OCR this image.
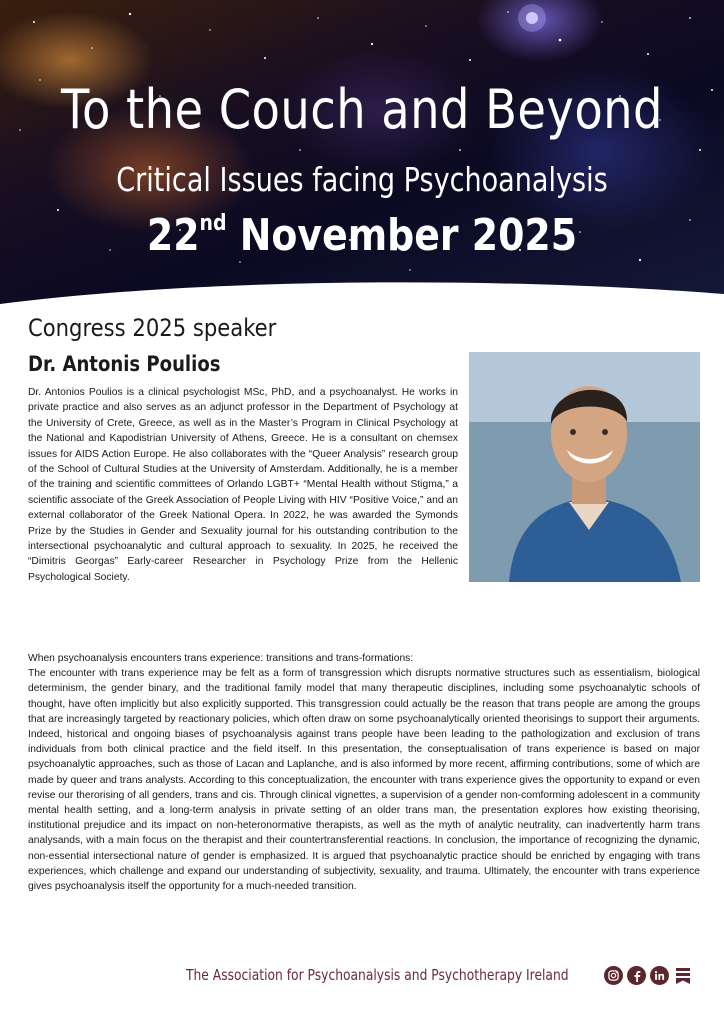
To the Couch and Beyond
Critical Issues facing Psychoanalysis
22nd November 2025
Congress 2025 speaker
Dr. Antonis Poulios

Dr. Antonios Poulios is a clinical psychologist MSc, PhD, and a psychoanalyst. He works in private practice and also serves as an adjunct professor in the Department of Psychology at the University of Crete, Greece, as well as in the Master’s Program in Clinical Psychology at the National and Kapodistrian University of Athens, Greece. He is a consultant on chemsex issues for AIDS Action Europe. He also collaborates with the “Queer Analysis” research group of the School of Cultural Studies at the University of Amsterdam. Additionally, he is a member of the training and scientific committees of Orlando LGBT+ “Mental Health without Stigma,” a scientific associate of the Greek Association of People Living with HIV “Positive Voice,” and an external collaborator of the Greek National Opera. In 2022, he was awarded the Symonds Prize by the Studies in Gender and Sexuality journal for his outstanding contribution to the intersectional psychoanalytic and cultural approach to sexuality. In 2025, he received the “Dimitris Georgas” Early-career Researcher in Psychology Prize from the Hellenic Psychological Society.

When psychoanalysis encounters trans experience: transitions and trans-formations:
The encounter with trans experience may be felt as a form of transgression which disrupts normative structures such as essentialism, biological determinism, the gender binary, and the traditional family model that many therapeutic disciplines, including some psychoanalytic schools of thought, have often implicitly but also explicitly supported. This transgression could actually be the reason that trans people are among the groups that are increasingly targeted by reactionary policies, which often draw on some psychoanalytically oriented theorisings to support their arguments. Indeed, historical and ongoing biases of psychoanalysis against trans people have been leading to the pathologization and exclusion of trans individuals from both clinical practice and the field itself. In this presentation, the conseptualisation of trans experience is based on major psychoanalytic approaches, such as those of Lacan and Laplanche, and is also informed by more recent, affirming contributions, some of which are made by queer and trans analysts. According to this conceptualization, the encounter with trans experience gives the opportunity to expand or even revise our therorising of all genders, trans and cis. Through clinical vignettes, a supervision of a gender non-comforming adolescent in a community mental health setting, and a long-term analysis in private setting of an older trans man, the presentation explores how existing theorising, institutional prejudice and its impact on non-heteronormative therapists, as well as the myth of analytic neutrality, can inadvertently harm trans analysands, with a main focus on the therapist and their countertransferential reactions. In conclusion, the importance of recognizing the dynamic, non-essential intersectional nature of gender is emphasized. It is argued that psychoanalytic practice should be enriched by engaging with trans experiences, which challenge and expand our understanding of subjectivity, sexuality, and trauma. Ultimately, the encounter with trans experience gives psychoanalysis itself the opportunity for a much-needed transition.

The Association for Psychoanalysis and Psychotherapy Ireland
